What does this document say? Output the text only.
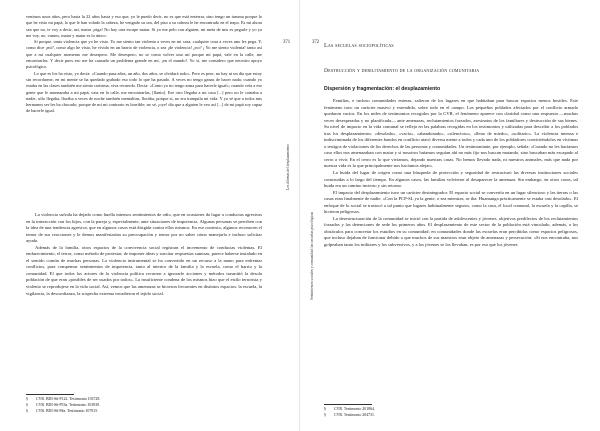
venimos unos años, pero hasta la 22 años hasta y eso que, yo le puedo decir, no es que está enterrar, sino tengo un trauma porque lo que he visto mi papá, lo que le han volado la cabeza, he vengado su sea, del piso a su cabeza le he encontrado en el trapo. Es mi ahora sea que no, te voy a decir, así, matar ¡oiga! No hay otra escape matar. Si yo me pelo con alguien, mi meta de mis es pegarle y yo ya me voy, no, vamos, matar y matar es lo único.

Sí porque, tanta violencia que yo he visto. Yo me siento tan violenta a veces en mi casa, cualquier cosa a veces uno les pega. Y, como dice ¡mi?, como algo he visto, he vivido en un barrio de violencia, o sea ¡de violencia! ¿no? ¡ Yo me siento violenta! tanto así que a mi cualquier momento me desespero. Me desespero; no se como volver una así porque mi papá, vale en la calle, me encontrarlas. Y decir pues eso me ha causado un problema grande en mí, ¡en el mundo!. Yo sí, me considero que necesito apoyo psicológico.

Lo que es los ha visto, yo decía: «Cuando pasa años, un año, dos años, se olvidará todo». Pero es peor, no hay ni un día que estoy sin recordarme, en mi mente se ha quedado grabado eso todo lo que ha pasado. A veces no tengo ganas de hacer nada; cuando yo estaba en las clases también me siento rarísima, viva recuerdo. Decía: «Como yo no tengo arma para hacerle igual»; cuando veía a ese gente que le amenazaba a mi papá, vaia en la calle, me encontrarlas, [llanto]. Ese otro llegaba a mi casa [...] pero no le contaba a nadie, sólo llegaba, llorába a veces de noche también mentalitas, llorába, porque si, no era tranquila mi vida. Y yo sé que a todos mis hermanos ser les ha chocado; porque de mi mi contrario es horrible; no sé, ¡oye! día que a alguien le veo así [...] de mi papá soy capaz de hacerle igual.

La violencia sufrida ha dejado como huella intensos sentimientos de odio, que en ocasiones da lugar a conductas agresivas en la interacción con los hijos, con la pareja y, especialmente, ante situaciones de impotencia. Algunas personas se perciben con la idea de una tendencia agresiva, que en algunos casos está dirigida contra ellos mismos. En ese contexto, algunos reconocen el temor de sus reacciones y le demos manifestarían su preocupación y temor por no saber cómo manejarla e incluso solicitar ayuda.

Además de la familia, otros espacios de la convivencia social registran el incremento de conductas violentas. El endurecimiento, el terror, como método de protestar, de imponer ideas y suscitar respuestas sumisas, parece haberse instalado en el sentido común de muchas personas. La violencia instrumental se ha convertido en un recurso a la mano para enfrentar conflictos, para compensar sentimientos de impotencia, tanto al interior de la familia y la escuela, como el barrio y la comunidad. El que todos los actores de la violencia política recurren a ignorarle acciones y métodos trasmitió la desola población de que eran «posibles de ser usados por todos». La insuficiente condena de los mismos hizo que el estilo terrorista y violento se reprodujese en la vida social. Así, vemos que las amenazas se hicieron frecuentes en distintos espacios: la escuela, la vigilancia, la desconfianza, la sospecha extrema invadieron el tejido social.

§ CVR. BDI-S#-P122. Testimonio 103728.
§ CVR. BDI-S#-P53a. Testimonio 103939.
§ CVR. BDI-S#-P#a. Testimonio 107815.
371
Los dilemas del desplazamiento
372
Sentimientos sociales y comunidad: las secuelas psicológicas
Las secuelas sociopolíticas
Destrucción y debilitamiento de la organización comunitaria
Dispersión y fragmentación: el desplazamiento

Familias, e incluso comunidades enteras, salieron de los lugares en que habitaban para buscar espacios menos hostiles. Este fenómeno tuvo un carácter masivo y extendido, sobre todo en el campo. Los pequeños poblados afectados por el conflicto armado quedaron vacíos. En los miles de testimonios recogidos por la CVR, el fenómeno aparece con claridad como una respuesta —muchas veces desesperadas y no planificada— ante amenazas, reclutamientos forzados, asesinatos de los familiares y destrucción de sus bienes. Su nivel de impacto en la vida comunal se refleja en las palabras recogidas en los testimonios y utilizadas para describir a los poblados tras los desplazamientos: «desolado», «vacío», «abandonado», «silencioso», «lleno de miedo», «solitario». La violencia intensa e indiscriminada de los diferentes bandos en conflicto atacó diversa mente a todos y cada uno de los pobladores convirtiéndolos en víctimas o testigos de violaciones de los derechos de las personas y comunidades. Un testimoniante, por ejemplo, señala: «Cuando no les hacíamos caso ellos nos amenazaban con matar y si nosotros huíamos seguían ahí no más fijo nos buscan matando, sino buscaban más escapado al cerro a vivir. En el cerro es lo que vivíamos, dejando nuestras casas. No hemos llevado nada, ni nuestros animales, más que nada por nuestra vida es lo que principalmente nos hacíamos alejar».

La huida del lugar de origen como una búsqueda de protección y seguridad de restructuró las diversas instituciones sociales construidas a lo largo del tiempo. En algunos casos, las familias volvieron al desaparecer la amenaza. Sin embargo, en otros casos, tal huida era un camino incierto y sin retorno.

El impacto del desplazamiento tuvo un carácter desintegrador. El espacio social se convertía en un lugar silencioso y las tierras o las casas eran finalmente de nadie. «Con la PCP-SL ya la gente, o sea mientras, se iba. Huamanga prácticamente se estaba casi desolado». El enfoque de lo social se trastocó a tal punto que lugares habitualmente seguros, como la casa, el local comunal, la escuela y la capilla, se hicieron peligrosos.

La desestructuración de la comunidad se inició con la partida de adolescentes y jóvenes, objetivos predilectos de los reclutamientos forzados y las detenciones de sede los primeros años. El desplazamiento de este sector de la población está vinculado, además, a los obstáculos para concretar los estudios en su comunidad; en comunidades donde las escuelas eran percibidas como espacios peligrosos, que incluso dejaban de funcionar debido a que muchos de sus maestros eran objeto de amenazas y persecución: «Si nos encontraba, nos golpeaban tanto los militares y los subversivos, y a los jóvenes se los llevaban, es por eso que los jóvenes

§ CVR. Testimonio 201864.
§ CVR. Testimonio 204731.
